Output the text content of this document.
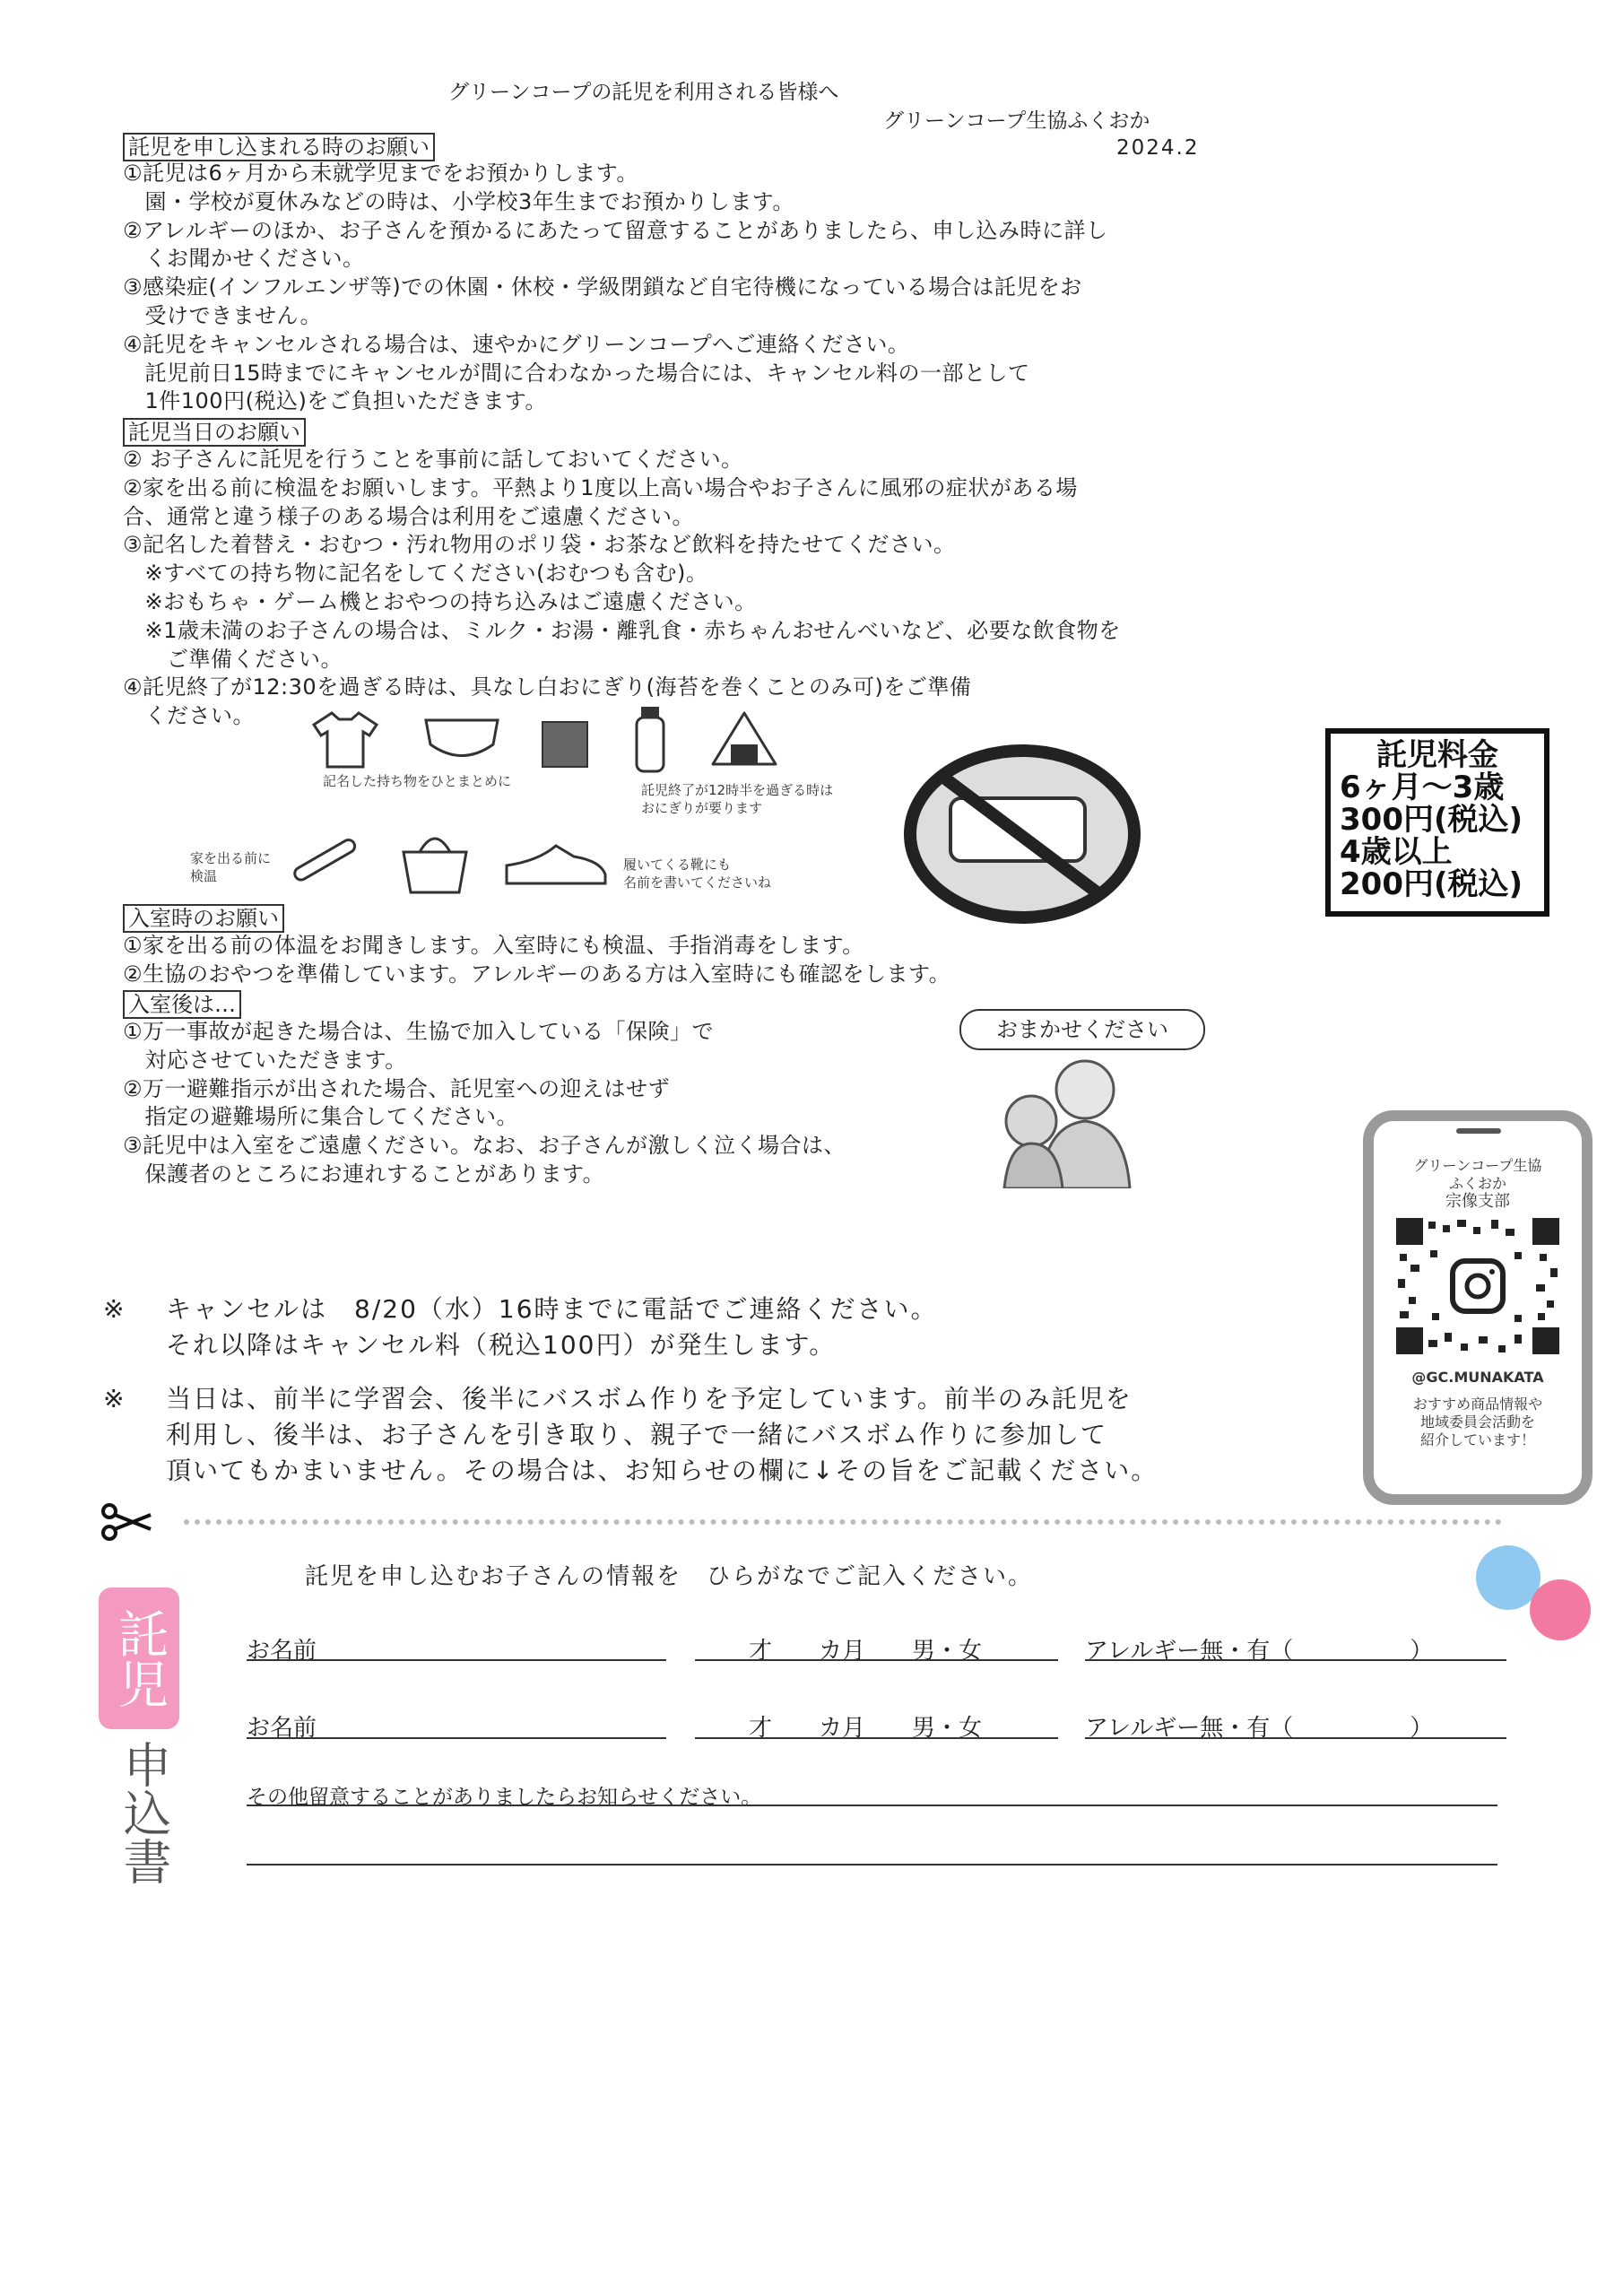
グリーンコープの託児を利用される皆様へ
グリーンコープ生協ふくおか
2024.2
託児を申し込まれる時のお願い
①託児は6ヶ月から未就学児までをお預かりします。
　園・学校が夏休みなどの時は、小学校3年生までお預かりします。
②アレルギーのほか、お子さんを預かるにあたって留意することがありましたら、申し込み時に詳し
　くお聞かせください。
③感染症(インフルエンザ等)での休園・休校・学級閉鎖など自宅待機になっている場合は託児をお
　受けできません。
④託児をキャンセルされる場合は、速やかにグリーンコープへご連絡ください。
　託児前日15時までにキャンセルが間に合わなかった場合には、キャンセル料の一部として
　1件100円(税込)をご負担いただきます。
託児当日のお願い
② お子さんに託児を行うことを事前に話しておいてください。
②家を出る前に検温をお願いします。平熱より1度以上高い場合やお子さんに風邪の症状がある場
合、通常と違う様子のある場合は利用をご遠慮ください。
③記名した着替え・おむつ・汚れ物用のポリ袋・お茶など飲料を持たせてください。
　※すべての持ち物に記名をしてください(おむつも含む)。
　※おもちゃ・ゲーム機とおやつの持ち込みはご遠慮ください。
　※1歳未満のお子さんの場合は、ミルク・お湯・離乳食・赤ちゃんおせんべいなど、必要な飲食物を
　　ご準備ください。
④託児終了が12:30を過ぎる時は、具なし白おにぎり(海苔を巻くことのみ可)をご準備
　ください。
記名した持ち物をひとまとめに
託児終了が12時半を過ぎる時は
おにぎりが要ります
家を出る前に
検温
履いてくる靴にも
名前を書いてくださいね
託児料金
6ヶ月〜3歳
300円(税込)
4歳以上
200円(税込)
入室時のお願い
①家を出る前の体温をお聞きします。入室時にも検温、手指消毒をします。
②生協のおやつを準備しています。アレルギーのある方は入室時にも確認をします。
入室後は…
①万一事故が起きた場合は、生協で加入している「保険」で
　対応させていただきます。
②万一避難指示が出された場合、託児室への迎えはせず
　指定の避難場所に集合してください。
③託児中は入室をご遠慮ください。なお、お子さんが激しく泣く場合は、
　保護者のところにお連れすることがあります。
おまかせください
グリーンコープ生協
ふくおか
宗像支部
@GC.MUNAKATA
おすすめ商品情報や
地域委員会活動を
紹介しています！
※ キャンセルは　8/20（水）16時までに電話でご連絡ください。
それ以降はキャンセル料（税込100円）が発生します。
※ 当日は、前半に学習会、後半にバスボム作りを予定しています。前半のみ託児を
利用し、後半は、お子さんを引き取り、親子で一緒にバスボム作りに参加して
頂いてもかまいません。その場合は、お知らせの欄に↓その旨をご記載ください。
託児
申込書
託児を申し込むお子さんの情報を　ひらがなでご記入ください。
お名前	才　　カ月　　男・女	アレルギー無・有（　　　　　）
お名前	才　　カ月　　男・女	アレルギー無・有（　　　　　）
その他留意することがありましたらお知らせください。
